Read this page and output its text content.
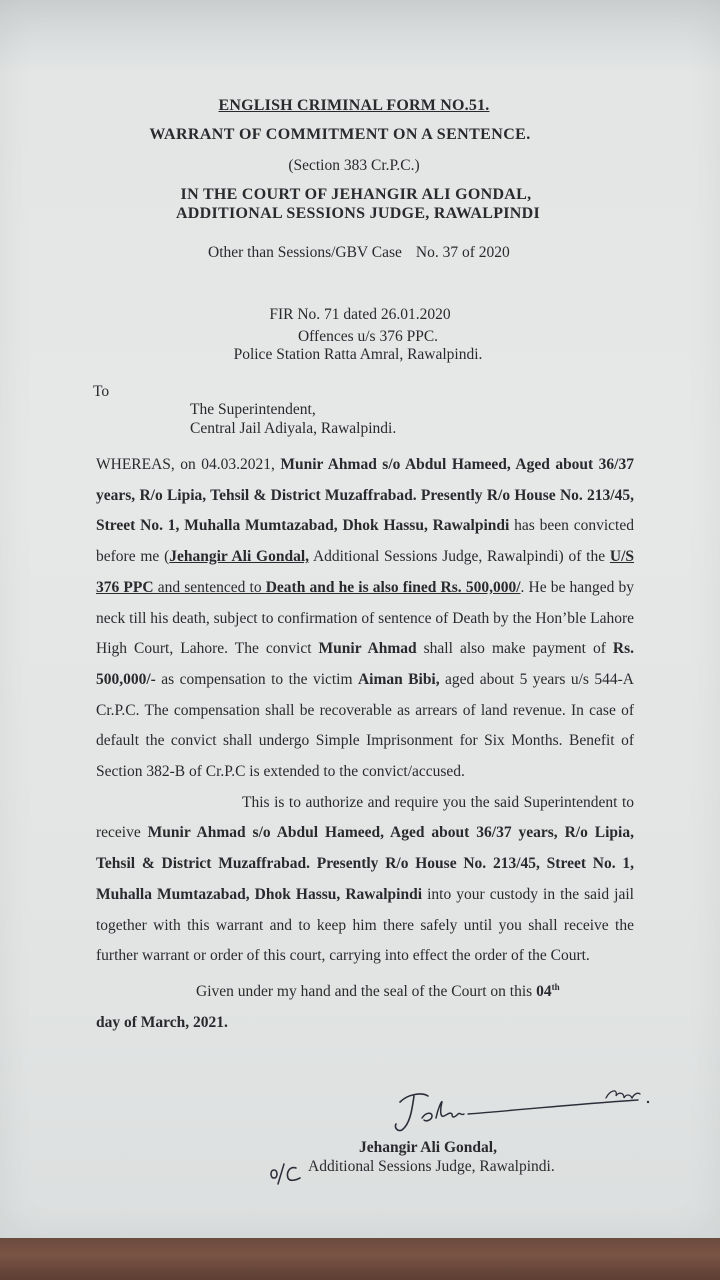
ENGLISH CRIMINAL FORM NO.51.
WARRANT OF COMMITMENT ON A SENTENCE.
(Section 383 Cr.P.C.)
IN THE COURT OF JEHANGIR ALI GONDAL,
ADDITIONAL SESSIONS JUDGE, RAWALPINDI
Other than Sessions/GBV Case No. 37 of 2020
FIR No. 71 dated 26.01.2020
Offences u/s 376 PPC.
Police Station Ratta Amral, Rawalpindi.
To
The Superintendent,
Central Jail Adiyala, Rawalpindi.

WHEREAS, on 04.03.2021, Munir Ahmad s/o Abdul Hameed, Aged about 36/37 years, R/o Lipia, Tehsil & District Muzaffrabad. Presently R/o House No. 213/45, Street No. 1, Muhalla Mumtazabad, Dhok Hassu, Rawalpindi has been convicted before me (Jehangir Ali Gondal, Additional Sessions Judge, Rawalpindi) of the U/S 376 PPC and sentenced to Death and he is also fined Rs. 500,000/. He be hanged by neck till his death, subject to confirmation of sentence of Death by the Hon’ble Lahore High Court, Lahore. The convict Munir Ahmad shall also make payment of Rs. 500,000/- as compensation to the victim Aiman Bibi, aged about 5 years u/s 544-A Cr.P.C. The compensation shall be recoverable as arrears of land revenue. In case of default the convict shall undergo Simple Imprisonment for Six Months. Benefit of Section 382-B of Cr.P.C is extended to the convict/accused.

This is to authorize and require you the said Superintendent to receive Munir Ahmad s/o Abdul Hameed, Aged about 36/37 years, R/o Lipia, Tehsil & District Muzaffrabad. Presently R/o House No. 213/45, Street No. 1, Muhalla Mumtazabad, Dhok Hassu, Rawalpindi into your custody in the said jail together with this warrant and to keep him there safely until you shall receive the further warrant or order of this court, carrying into effect the order of the Court.

Given under my hand and the seal of the Court on this 04th
day of March, 2021.

Jehangir Ali Gondal,
Additional Sessions Judge, Rawalpindi.
